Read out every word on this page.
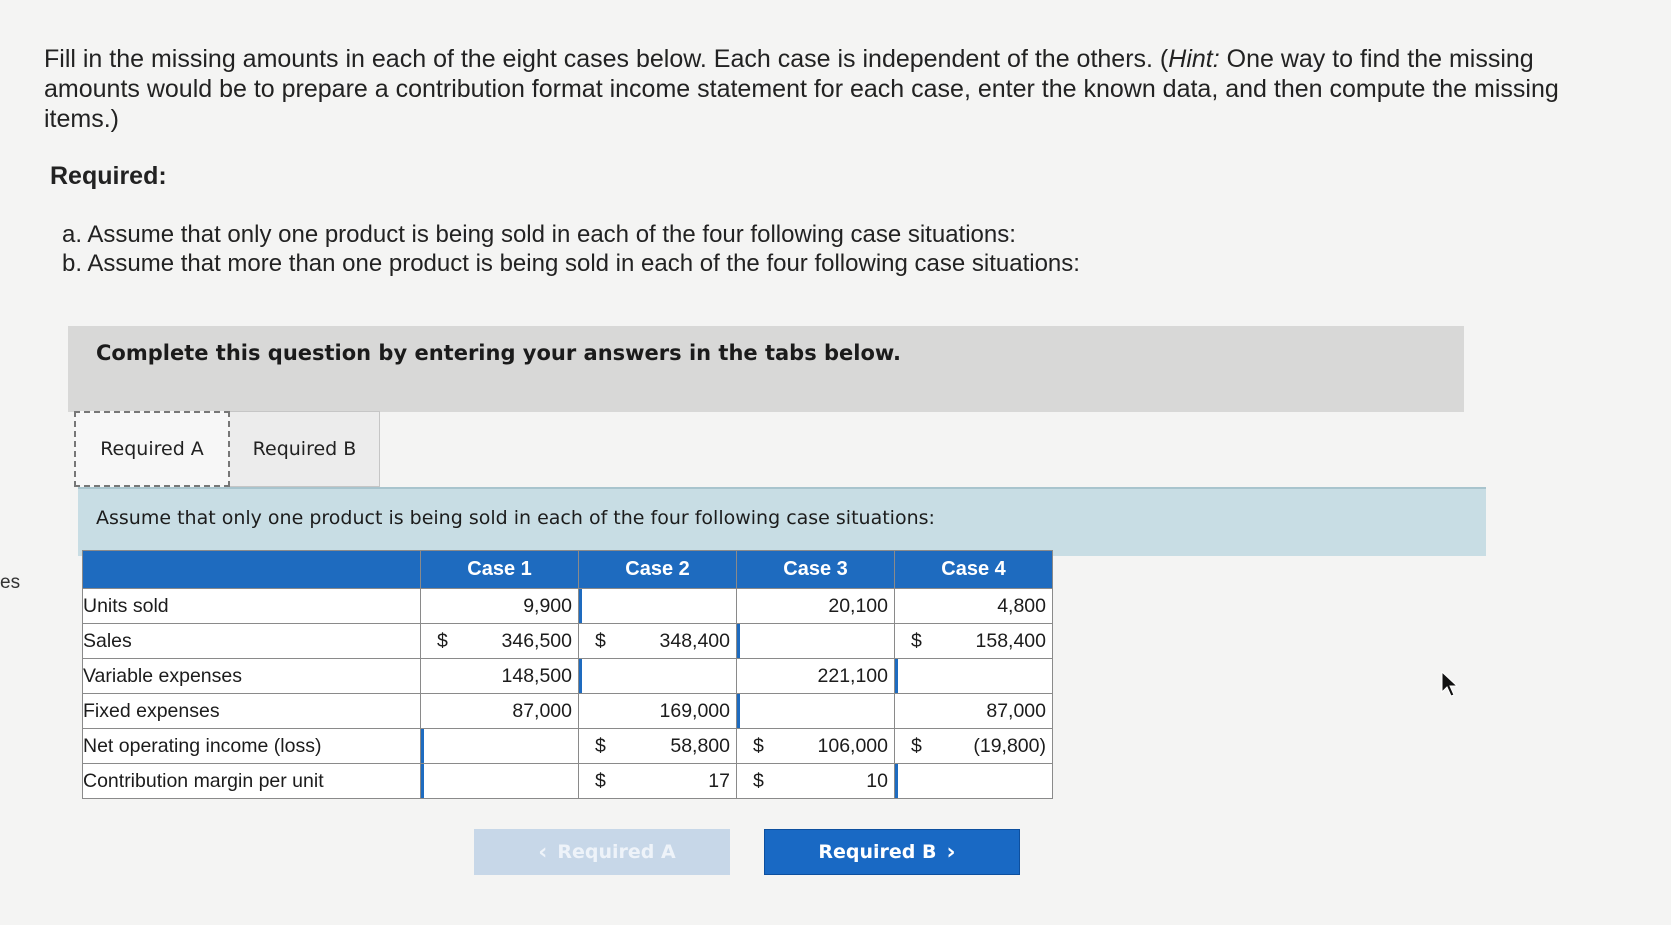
es
Fill in the missing amounts in each of the eight cases below. Each case is independent of the others. (Hint: One way to find the missing amounts would be to prepare a contribution format income statement for each case, enter the known data, and then compute the missing items.)
Required:
a. Assume that only one product is being sold in each of the four following case situations:
b. Assume that more than one product is being sold in each of the four following case situations:
Complete this question by entering your answers in the tabs below.
Required A	Required B
Assume that only one product is being sold in each of the four following case situations:
	Case 1	Case 2	Case 3	Case 4
Units sold	9,900		20,100	4,800

Sales	$ 346,500	$ 348,400		$ 158,400

Variable expenses	148,500		221,100	

Fixed expenses	87,000	169,000		87,000

Net operating income (loss)		$ 58,800	$ 106,000	$ (19,800)

Contribution margin per unit		$ 17	$ 10	

‹ Required A	Required B ›
